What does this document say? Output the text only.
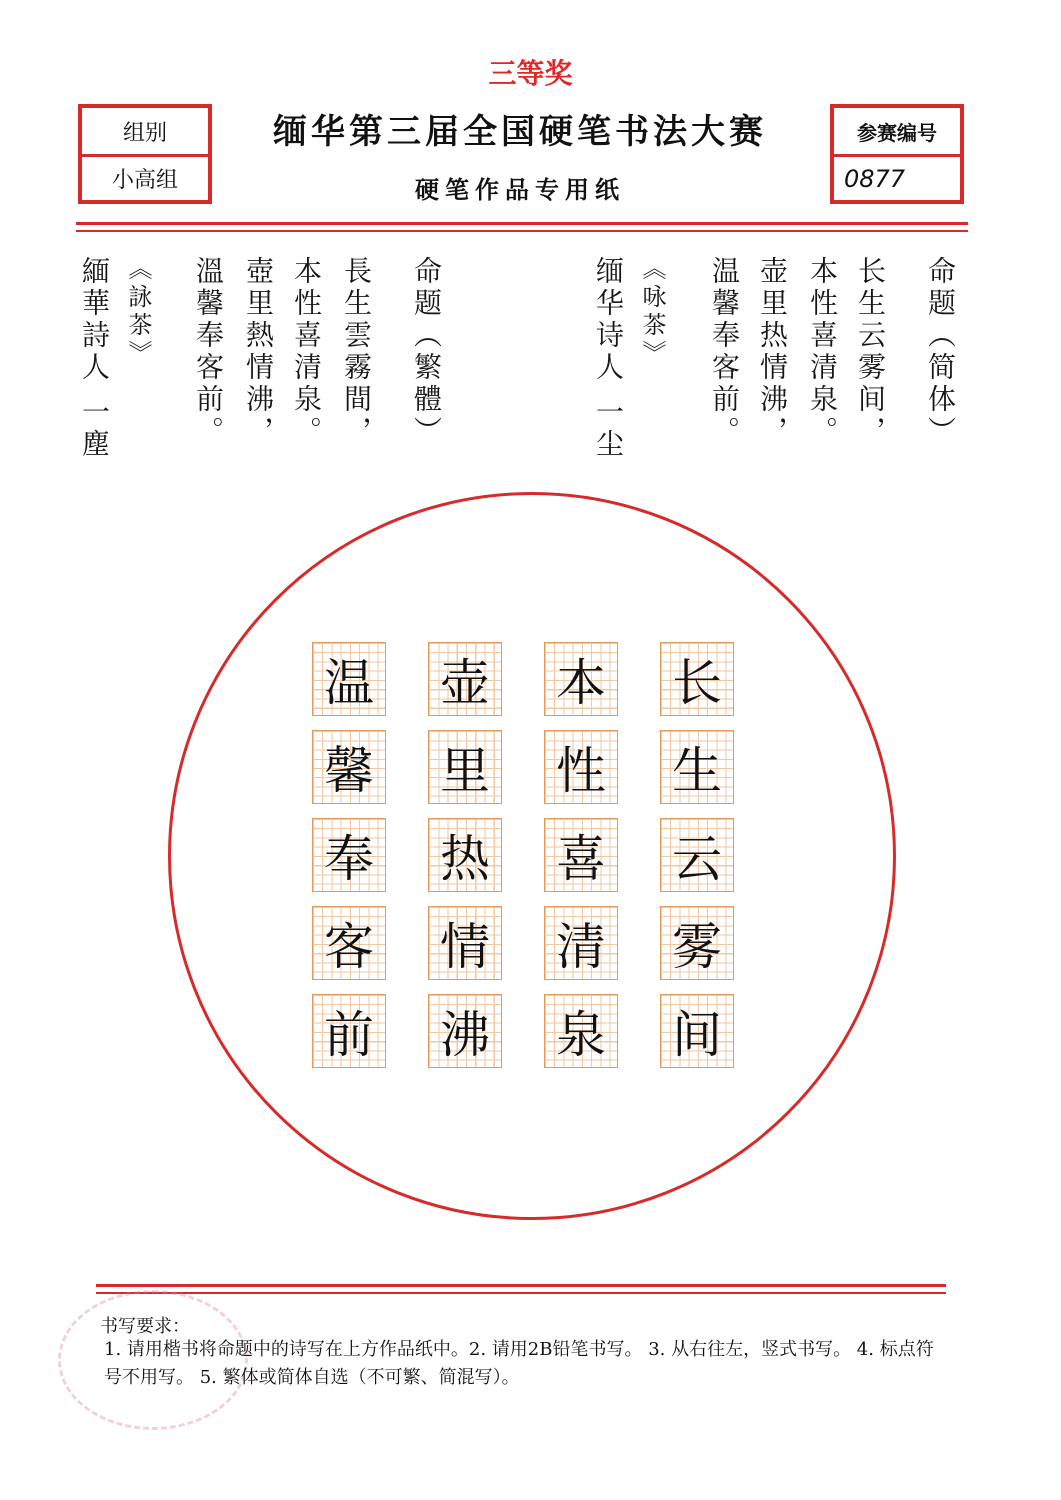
三等奖
组别
小高组
缅华第三届全国硬笔书法大赛
硬笔作品专用纸
参赛编号
0877
命题（简体）
长生云雾间，
本性喜清泉。
壶里热情沸，
温馨奉客前。
《咏茶》
缅华诗人 一尘
命题（繁體）
長生雲霧間，
本性喜清泉。
壺里熱情沸，
溫馨奉客前。
《詠茶》
緬華詩人 一塵
长
生
云
雾
间
本
性
喜
清
泉
壶
里
热
情
沸
温
馨
奉
客
前
书写要求：
1. 请用楷书将命题中的诗写在上方作品纸中。2. 请用2B铅笔书写。 3. 从右往左，竖式书写。 4. 标点符号不用写。 5. 繁体或简体自选（不可繁、简混写）。
